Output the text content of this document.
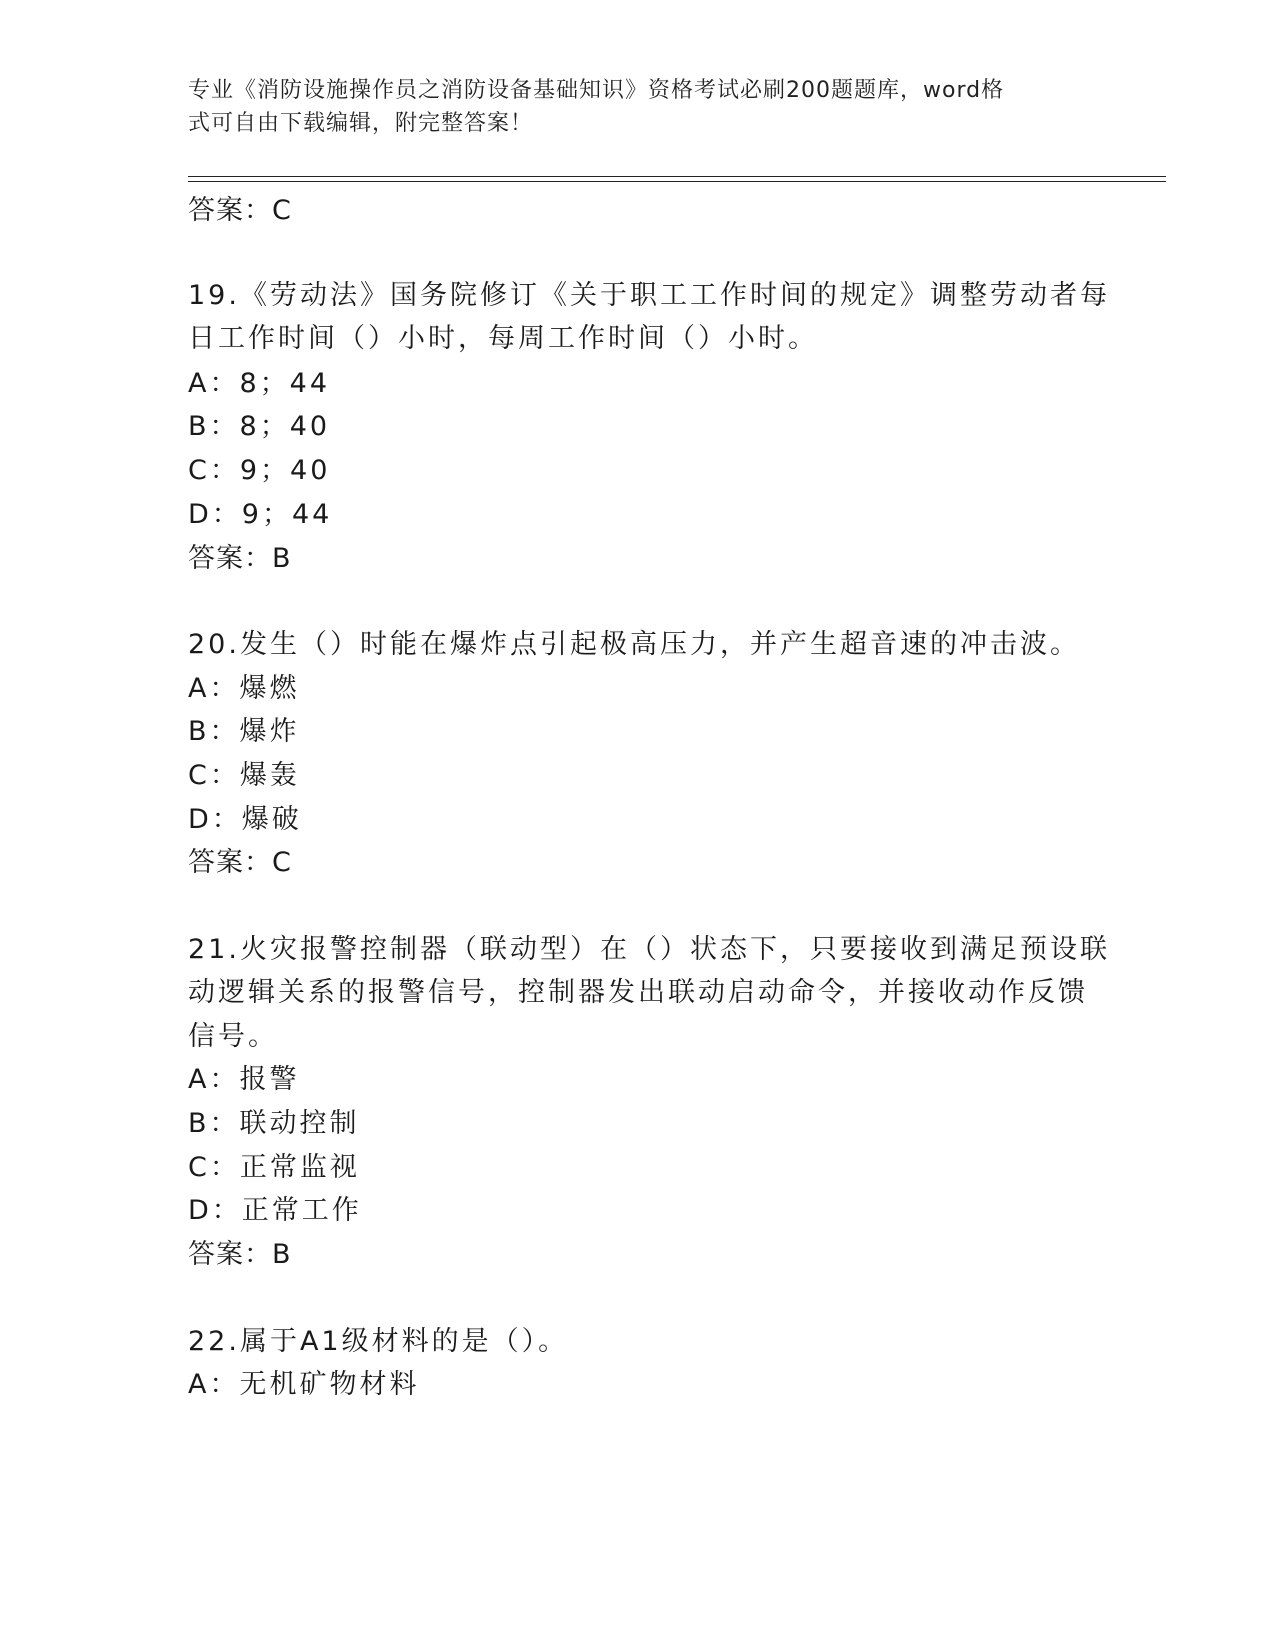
专业《消防设施操作员之消防设备基础知识》资格考试必刷200题题库，word格
式可自由下载编辑，附完整答案！
答案：C
19.《劳动法》国务院修订《关于职工工作时间的规定》调整劳动者每
日工作时间（）小时，每周工作时间（）小时。
A：8；44
B：8；40
C：9；40
D：9；44
答案：B
20.发生（）时能在爆炸点引起极高压力，并产生超音速的冲击波。
A：爆燃
B：爆炸
C：爆轰
D：爆破
答案：C
21.火灾报警控制器（联动型）在（）状态下，只要接收到满足预设联
动逻辑关系的报警信号，控制器发出联动启动命令，并接收动作反馈
信号。
A：报警
B：联动控制
C：正常监视
D：正常工作
答案：B
22.属于A1级材料的是（）。
A：无机矿物材料
